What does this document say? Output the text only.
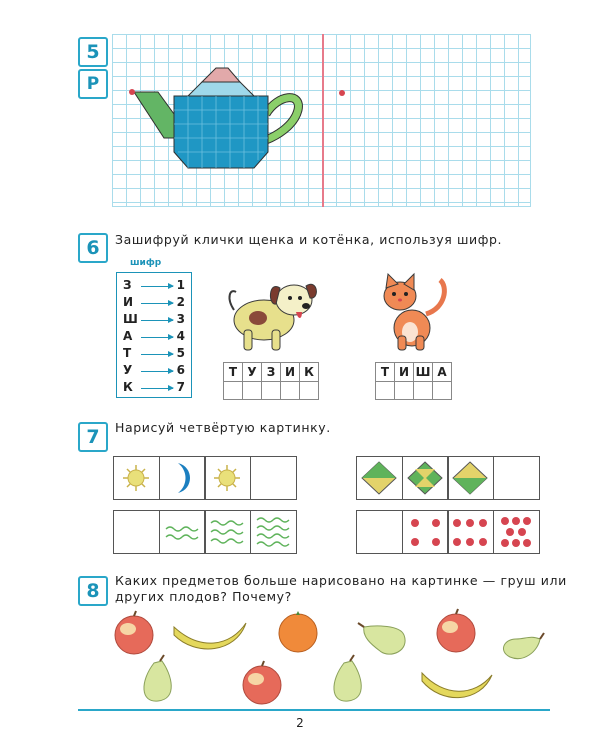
5
Р
6	Зашифруй клички щенка и котёнка, используя шифр.
шифр
З	1
И	2
Ш	3
А	4
Т	5
У	6
К	7
Т У З И К	Т И Ш А
7	Нарисуй четвёртую картинку.
8	Каких предметов больше нарисовано на картинке — груш или
других плодов? Почему?
2
